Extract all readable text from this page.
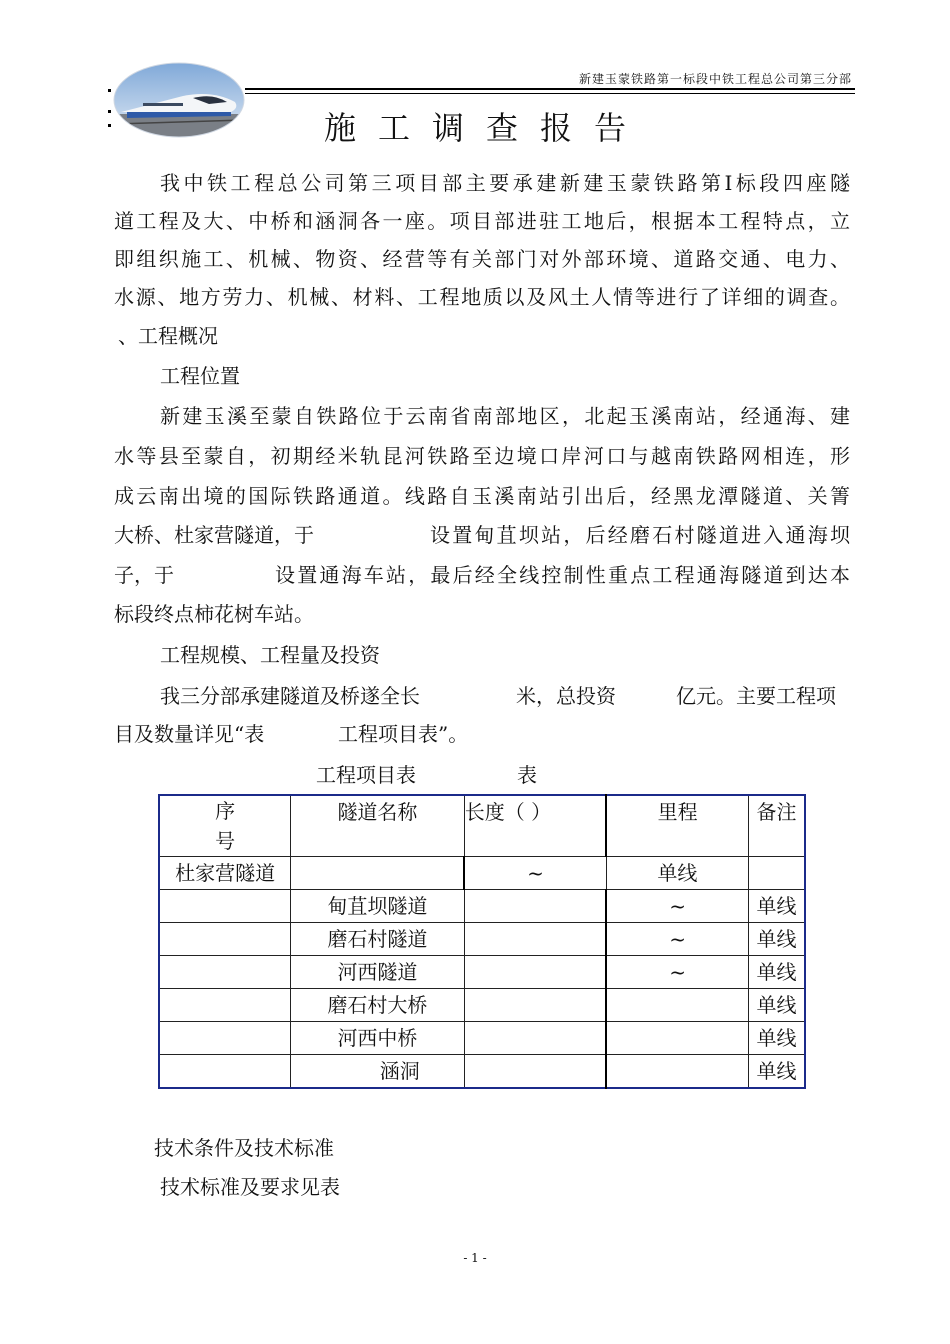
新建玉蒙铁路第一标段中铁工程总公司第三分部
施工调查报告
我中铁工程总公司第三项目部主要承建新建玉蒙铁路第Ⅰ标段四座隧
道工程及大、中桥和涵洞各一座。项目部进驻工地后，根据本工程特点，立
即组织施工、机械、物资、经营等有关部门对外部环境、道路交通、电力、
水源、地方劳力、机械、材料、工程地质以及风土人情等进行了详细的调查。
、工程概况
工程位置
新建玉溪至蒙自铁路位于云南省南部地区，北起玉溪南站，经通海、建
水等县至蒙自，初期经米轨昆河铁路至边境口岸河口与越南铁路网相连，形
成云南出境的国际铁路通道。线路自玉溪南站引出后，经黑龙潭隧道、关箐
大桥、杜家营隧道，于	设置甸苴坝站，后经磨石村隧道进入通海坝
子，于	设置通海车站，最后经全线控制性重点工程通海隧道到达本
标段终点柿花树车站。
工程规模、工程量及投资
我三分部承建隧道及桥遂全长	米，总投资	亿元。主要工程项
目及数量详见“表	工程项目表”。
工程项目表	表
序号	隧道名称	长度（ ）	里程	备注
杜家营隧道		~	单线	
	甸苴坝隧道		~	单线
	磨石村隧道		~	单线
	河西隧道		~	单线
	磨石村大桥			单线
	河西中桥			单线
	涵洞			单线
技术条件及技术标准
技术标准及要求见表
- 1 -
